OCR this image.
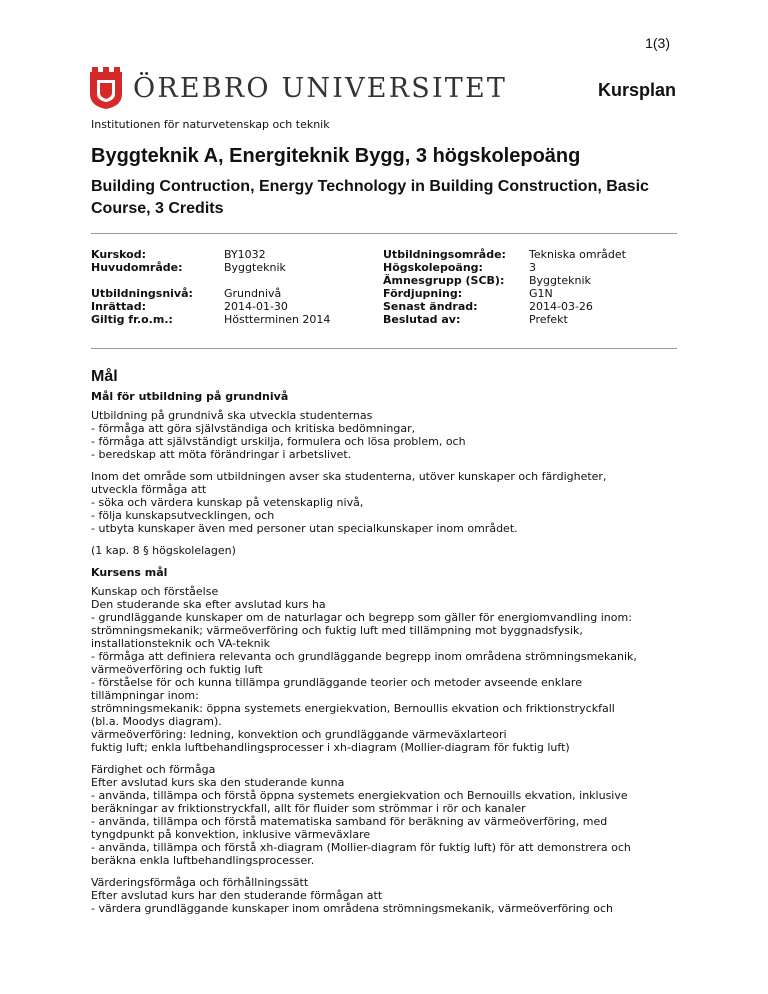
1(3)
ÖREBRO UNIVERSITET	Kursplan
Institutionen för naturvetenskap och teknik

Byggteknik A, Energiteknik Bygg, 3 högskolepoäng

Building Contruction, Energy Technology in Building Construction, Basic Course, 3 Credits

Kurskod:
Huvudområde:
Utbildningsnivå:
Inrättad:
Giltig fr.o.m.:
BY1032
Byggteknik
Grundnivå
2014-01-30
Höstterminen 2014
Utbildningsområde:
Högskolepoäng:
Ämnesgrupp (SCB):
Fördjupning:
Senast ändrad:
Beslutad av:
Tekniska området
3
Byggteknik
G1N
2014-03-26
Prefekt
Mål
Mål för utbildning på grundnivå
Utbildning på grundnivå ska utveckla studenternas
- förmåga att göra självständiga och kritiska bedömningar,
- förmåga att självständigt urskilja, formulera och lösa problem, och
- beredskap att möta förändringar i arbetslivet.
Inom det område som utbildningen avser ska studenterna, utöver kunskaper och färdigheter,
utveckla förmåga att
- söka och värdera kunskap på vetenskaplig nivå,
- följa kunskapsutvecklingen, och
- utbyta kunskaper även med personer utan specialkunskaper inom området.
(1 kap. 8 § högskolelagen)
Kursens mål
Kunskap och förståelse
Den studerande ska efter avslutad kurs ha
- grundläggande kunskaper om de naturlagar och begrepp som gäller för energiomvandling inom:
strömningsmekanik; värmeöverföring och fuktig luft med tillämpning mot byggnadsfysik,
installationsteknik och VA-teknik
- förmåga att definiera relevanta och grundläggande begrepp inom områdena strömningsmekanik,
värmeöverföring och fuktig luft
- förståelse för och kunna tillämpa grundläggande teorier och metoder avseende enklare
tillämpningar inom:
strömningsmekanik: öppna systemets energiekvation, Bernoullis ekvation och friktionstryckfall
(bl.a. Moodys diagram).
värmeöverföring: ledning, konvektion och grundläggande värmeväxlarteori
fuktig luft; enkla luftbehandlingsprocesser i xh-diagram (Mollier-diagram för fuktig luft)
Färdighet och förmåga
Efter avslutad kurs ska den studerande kunna
- använda, tillämpa och förstå öppna systemets energiekvation och Bernouills ekvation, inklusive
beräkningar av friktionstryckfall, allt för fluider som strömmar i rör och kanaler
- använda, tillämpa och förstå matematiska samband för beräkning av värmeöverföring, med
tyngdpunkt på konvektion, inklusive värmeväxlare
- använda, tillämpa och förstå xh-diagram (Mollier-diagram för fuktig luft) för att demonstrera och
beräkna enkla luftbehandlingsprocesser.
Värderingsförmåga och förhållningssätt
Efter avslutad kurs har den studerande förmågan att
- värdera grundläggande kunskaper inom områdena strömningsmekanik, värmeöverföring och
